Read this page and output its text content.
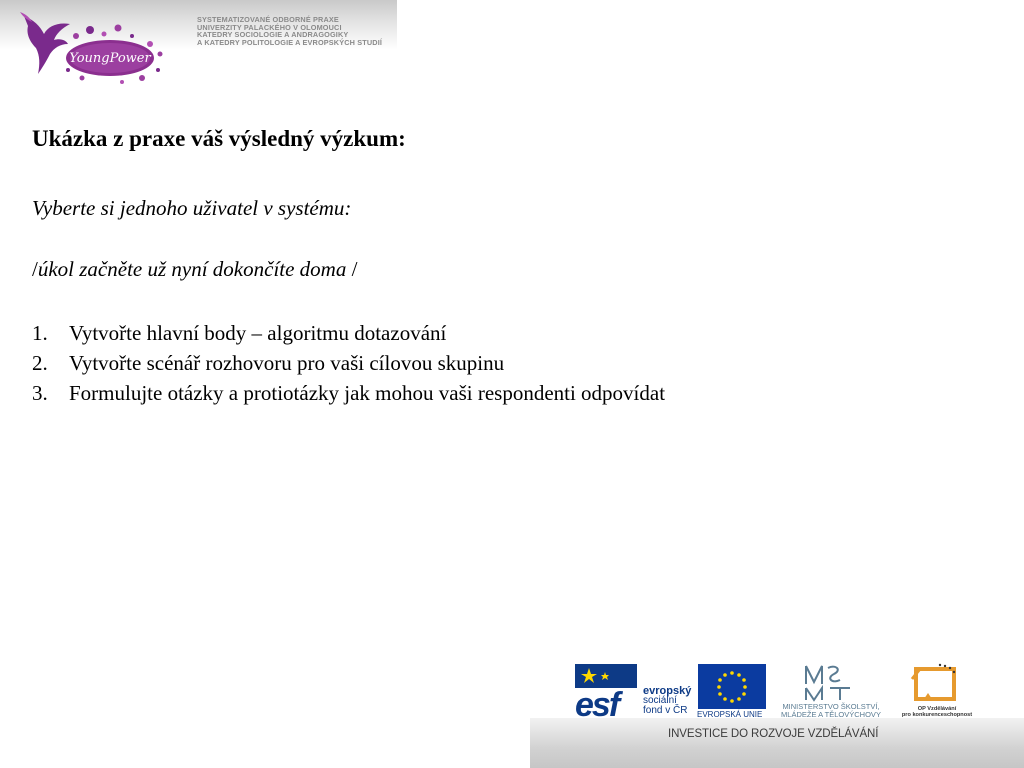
YoungPower
SYSTEMATIZOVANÉ ODBORNÉ PRAXE
UNIVERZITY PALACKÉHO V OLOMOUCI
KATEDRY SOCIOLOGIE A ANDRAGOGIKY
A KATEDRY POLITOLOGIE A EVROPSKÝCH STUDIÍ
Ukázka z praxe váš výsledný výzkum:
Vyberte si jednoho uživatel v systému:
/úkol začněte už nyní dokončíte doma /
1.	Vytvořte hlavní body – algoritmu dotazování
2.	Vytvořte scénář rozhovoru pro vaši cílovou skupinu
3.	Formulujte otázky a protiotázky jak mohou vaši respondenti odpovídat
esf evropský
sociální
fond v ČR	EVROPSKÁ UNIE
MINISTERSTVO ŠKOLSTVÍ,
MLÁDEŽE A TĚLOVÝCHOVY
OP Vzdělávání
pro konkurenceschopnost
INVESTICE DO ROZVOJE VZDĚLÁVÁNÍ
